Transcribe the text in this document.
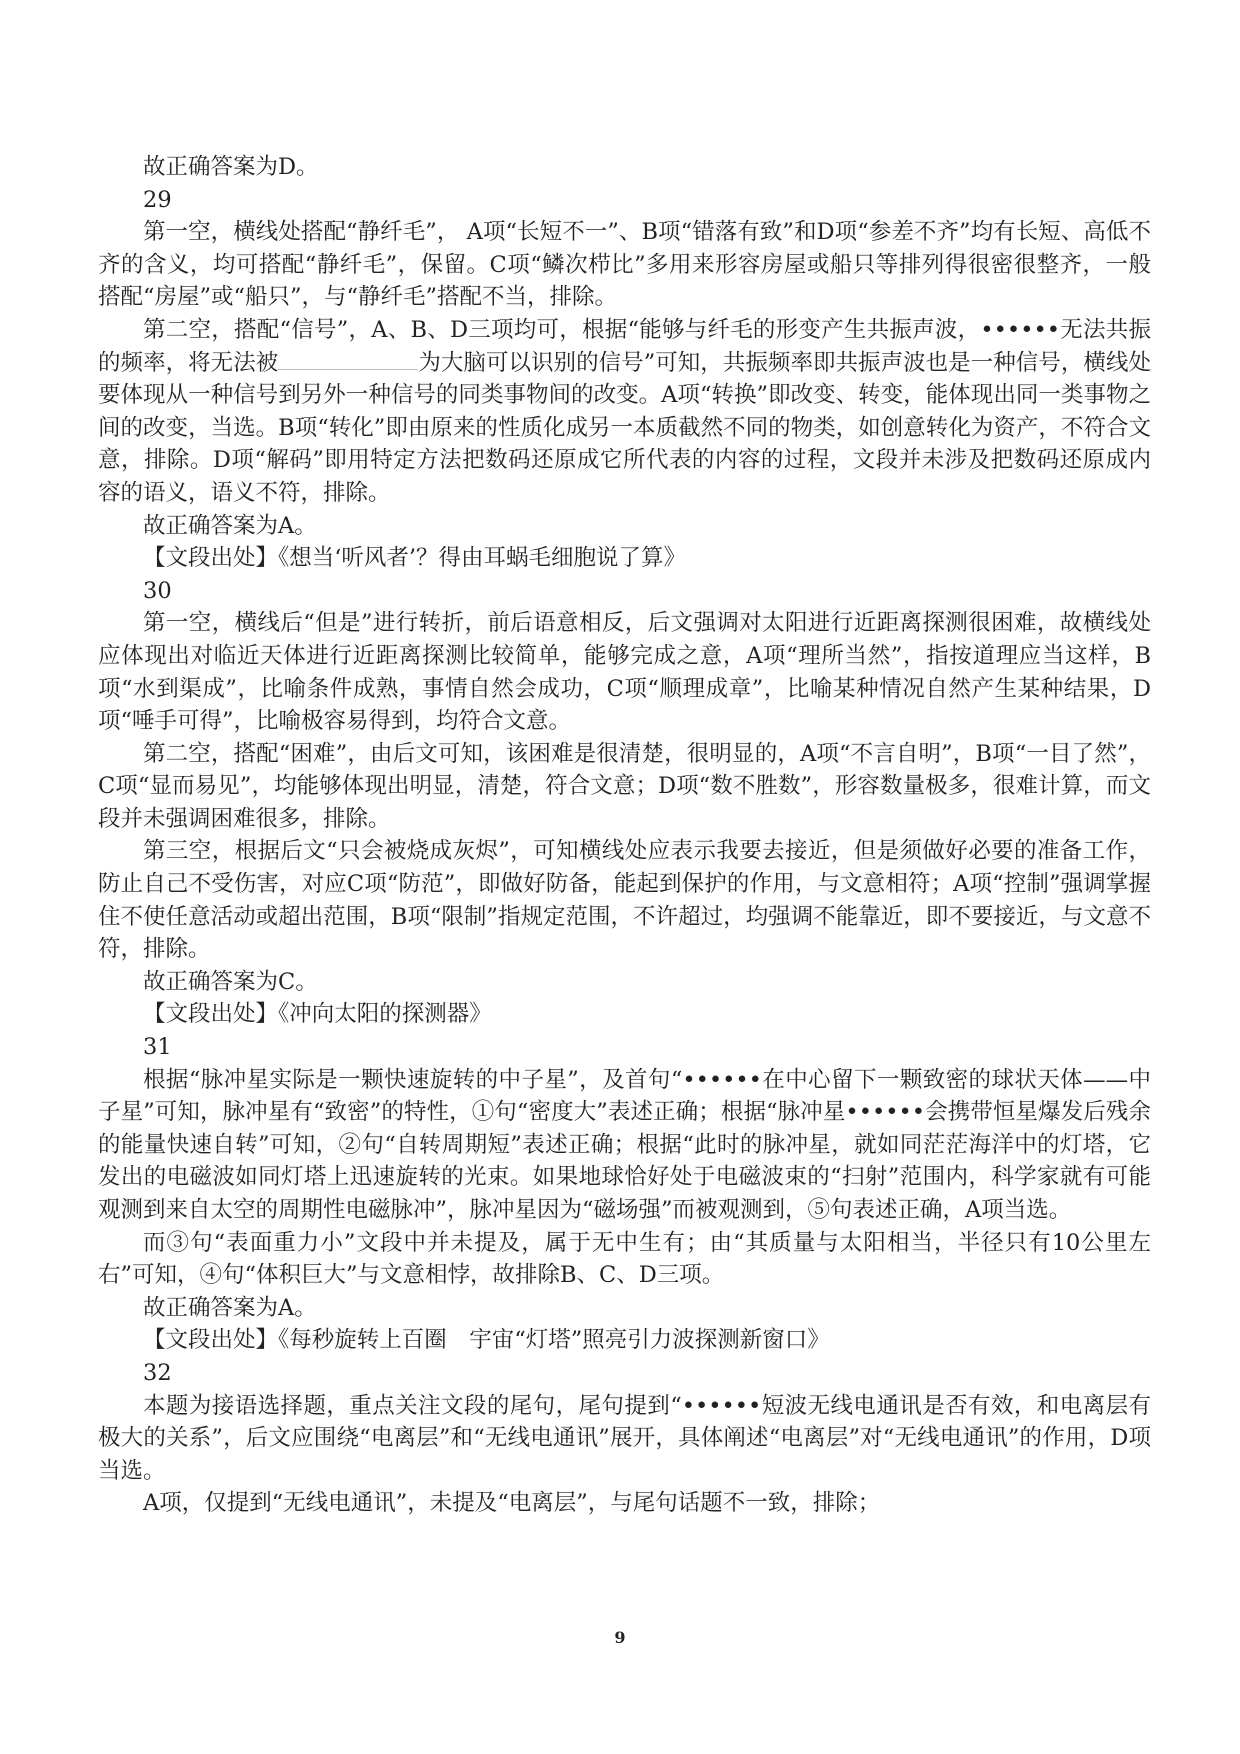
故正确答案为D。

29

第一空，横线处搭配“静纤毛”， A项“长短不一”、B项“错落有致”和D项“参差不齐”均有长短、高低不齐的含义，均可搭配“静纤毛”，保留。C项“鳞次栉比”多用来形容房屋或船只等排列得很密很整齐，一般搭配“房屋”或“船只”，与“静纤毛”搭配不当，排除。

第二空，搭配“信号”，A、B、D三项均可，根据“能够与纤毛的形变产生共振声波，••••••无法共振的频率，将无法被	为大脑可以识别的信号”可知，共振频率即共振声波也是一种信号，横线处要体现从一种信号到另外一种信号的同类事物间的改变。A项“转换”即改变、转变，能体现出同一类事物之间的改变，当选。B项“转化”即由原来的性质化成另一本质截然不同的物类，如创意转化为资产，不符合文意，排除。D项“解码”即用特定方法把数码还原成它所代表的内容的过程，文段并未涉及把数码还原成内容的语义，语义不符，排除。

故正确答案为A。

【文段出处】《想当‘听风者’？得由耳蜗毛细胞说了算》

30

第一空，横线后“但是”进行转折，前后语意相反，后文强调对太阳进行近距离探测很困难，故横线处应体现出对临近天体进行近距离探测比较简单，能够完成之意，A项“理所当然”，指按道理应当这样，B项“水到渠成”，比喻条件成熟，事情自然会成功，C项“顺理成章”，比喻某种情况自然产生某种结果，D项“唾手可得”，比喻极容易得到，均符合文意。

第二空，搭配“困难”，由后文可知，该困难是很清楚，很明显的，A项“不言自明”，B项“一目了然”，C项“显而易见”，均能够体现出明显，清楚，符合文意；D项“数不胜数”，形容数量极多，很难计算，而文段并未强调困难很多，排除。

第三空，根据后文“只会被烧成灰烬”，可知横线处应表示我要去接近，但是须做好必要的准备工作，防止自己不受伤害，对应C项“防范”，即做好防备，能起到保护的作用，与文意相符；A项“控制”强调掌握住不使任意活动或超出范围，B项“限制”指规定范围，不许超过，均强调不能靠近，即不要接近，与文意不符，排除。

故正确答案为C。

【文段出处】《冲向太阳的探测器》

31

根据“脉冲星实际是一颗快速旋转的中子星”，及首句“••••••在中心留下一颗致密的球状天体——中子星”可知，脉冲星有“致密”的特性，①句“密度大”表述正确；根据“脉冲星••••••会携带恒星爆发后残余的能量快速自转”可知，②句“自转周期短”表述正确；根据“此时的脉冲星，就如同茫茫海洋中的灯塔，它发出的电磁波如同灯塔上迅速旋转的光束。如果地球恰好处于电磁波束的“扫射”范围内，科学家就有可能观测到来自太空的周期性电磁脉冲”，脉冲星因为“磁场强”而被观测到，⑤句表述正确，A项当选。

而③句“表面重力小”文段中并未提及，属于无中生有；由“其质量与太阳相当，半径只有10公里左右”可知，④句“体积巨大”与文意相悖，故排除B、C、D三项。

故正确答案为A。

【文段出处】《每秒旋转上百圈　宇宙“灯塔”照亮引力波探测新窗口》

32

本题为接语选择题，重点关注文段的尾句，尾句提到“••••••短波无线电通讯是否有效，和电离层有极大的关系”，后文应围绕“电离层”和“无线电通讯”展开，具体阐述“电离层”对“无线电通讯”的作用，D项当选。

A项，仅提到“无线电通讯”，未提及“电离层”，与尾句话题不一致，排除；

9
